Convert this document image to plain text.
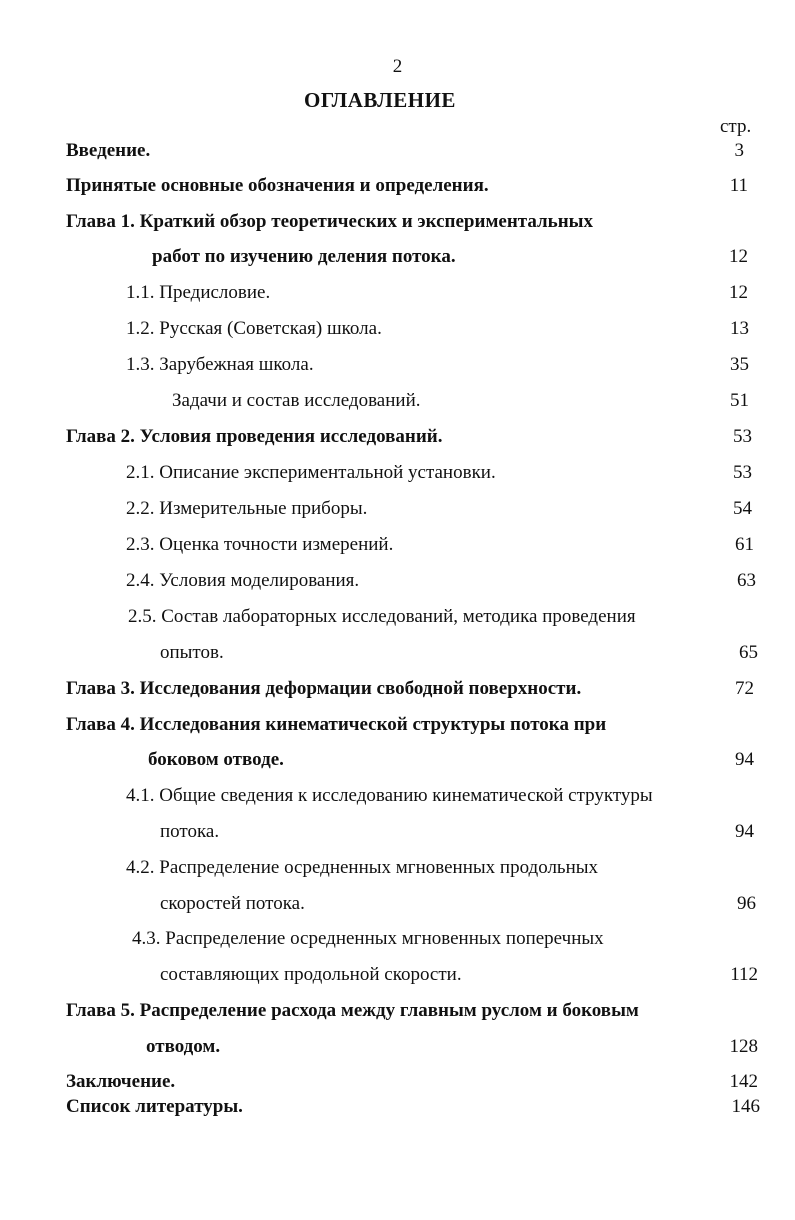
2
ОГЛАВЛЕНИЕ
стр.
Введение.	3
Принятые основные обозначения и определения.	11
Глава 1. Краткий обзор теоретических и экспериментальных
работ по изучению деления потока.	12
1.1. Предисловие.	12
1.2. Русская (Советская) школа.	13
1.3. Зарубежная школа.	35
Задачи и состав исследований.	51
Глава 2. Условия проведения исследований.	53
2.1. Описание экспериментальной установки.	53
2.2. Измерительные приборы.	54
2.3. Оценка точности измерений.	61
2.4. Условия моделирования.	63
2.5. Состав лабораторных исследований, методика проведения
опытов.	65
Глава 3. Исследования деформации свободной поверхности.	72
Глава 4. Исследования кинематической структуры потока при
боковом отводе.	94
4.1. Общие сведения к исследованию кинематической структуры
потока.	94
4.2. Распределение осредненных мгновенных продольных
скоростей потока.	96
4.3. Распределение осредненных мгновенных поперечных
составляющих продольной скорости.	112
Глава 5. Распределение расхода между главным руслом и боковым
отводом.	128
Заключение.	142
Список литературы.	146
